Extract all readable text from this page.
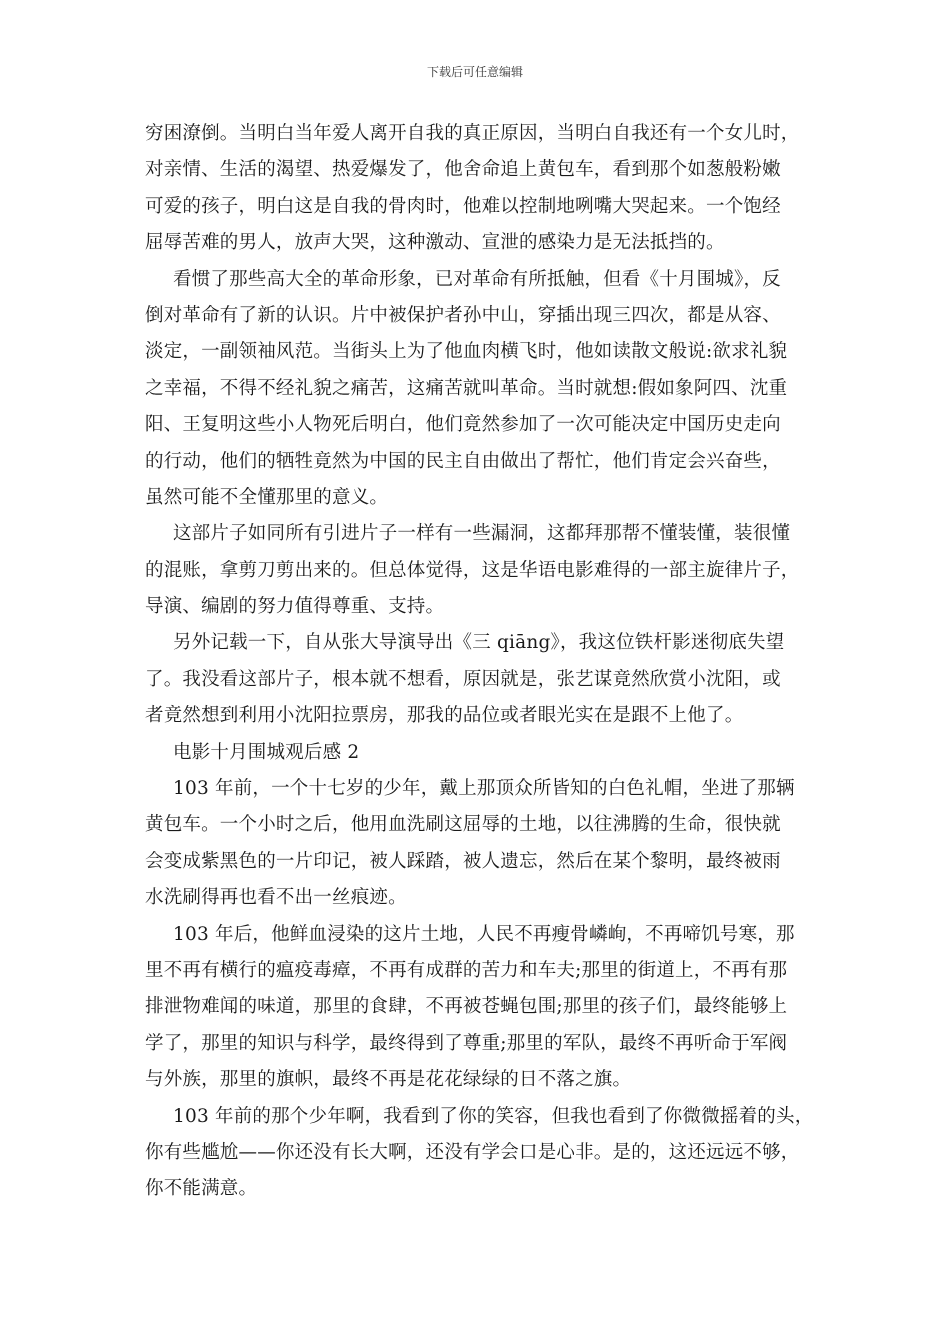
下载后可任意编辑
穷困潦倒。当明白当年爱人离开自我的真正原因，当明白自我还有一个女儿时，
对亲情、生活的渴望、热爱爆发了，他舍命追上黄包车，看到那个如葱般粉嫩
可爱的孩子，明白这是自我的骨肉时，他难以控制地咧嘴大哭起来。一个饱经
屈辱苦难的男人，放声大哭，这种激动、宣泄的感染力是无法抵挡的。
看惯了那些高大全的革命形象，已对革命有所抵触，但看《十月围城》，反
倒对革命有了新的认识。片中被保护者孙中山，穿插出现三四次，都是从容、
淡定，一副领袖风范。当街头上为了他血肉横飞时，他如读散文般说:欲求礼貌
之幸福，不得不经礼貌之痛苦，这痛苦就叫革命。当时就想:假如象阿四、沈重
阳、王复明这些小人物死后明白，他们竟然参加了一次可能决定中国历史走向
的行动，他们的牺牲竟然为中国的民主自由做出了帮忙，他们肯定会兴奋些，
虽然可能不全懂那里的意义。
这部片子如同所有引进片子一样有一些漏洞，这都拜那帮不懂装懂，装很懂
的混账，拿剪刀剪出来的。但总体觉得，这是华语电影难得的一部主旋律片子，
导演、编剧的努力值得尊重、支持。
另外记载一下，自从张大导演导出《三 qiāng》，我这位铁杆影迷彻底失望
了。我没看这部片子，根本就不想看，原因就是，张艺谋竟然欣赏小沈阳，或
者竟然想到利用小沈阳拉票房，那我的品位或者眼光实在是跟不上他了。
电影十月围城观后感 2
103 年前，一个十七岁的少年，戴上那顶众所皆知的白色礼帽，坐进了那辆
黄包车。一个小时之后，他用血洗刷这屈辱的土地，以往沸腾的生命，很快就
会变成紫黑色的一片印记，被人踩踏，被人遗忘，然后在某个黎明，最终被雨
水洗刷得再也看不出一丝痕迹。
103 年后，他鲜血浸染的这片土地，人民不再瘦骨嶙峋，不再啼饥号寒，那
里不再有横行的瘟疫毒瘴，不再有成群的苦力和车夫;那里的街道上，不再有那
排泄物难闻的味道，那里的食肆，不再被苍蝇包围;那里的孩子们，最终能够上
学了，那里的知识与科学，最终得到了尊重;那里的军队，最终不再听命于军阀
与外族，那里的旗帜，最终不再是花花绿绿的日不落之旗。
103 年前的那个少年啊，我看到了你的笑容，但我也看到了你微微摇着的头，
你有些尴尬——你还没有长大啊，还没有学会口是心非。是的，这还远远不够，
你不能满意。
